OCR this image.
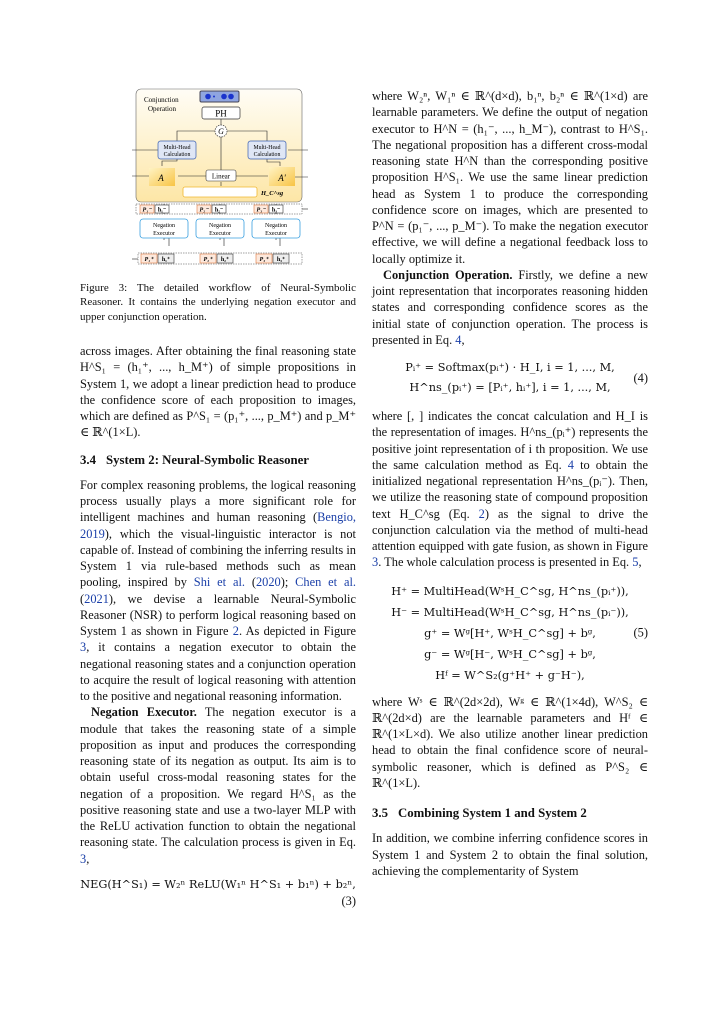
Conjunction
Operation	PH
G
Multi-Head
Calculation
Multi-Head
Calculation
A	A'
Linear
H_C^sg
P₁⁻ h₁⁻	P₂⁻ h₂⁻	P₃⁻ h₃⁻
Negation
Executor
Negation
Executor
Negation
Executor
P₁⁺ h₁⁺	P₂⁺ h₂⁺	P₃⁺ h₃⁺

Figure 3: The detailed workflow of Neural-Symbolic Reasoner. It contains the underlying negation executor and upper conjunction operation.

across images. After obtaining the final reasoning state H^S₁ = (h₁⁺, ..., h_M⁺) of simple propositions in System 1, we adopt a linear prediction head to produce the confidence score of each proposition to images, which are defined as P^S₁ = (p₁⁺, ..., p_M⁺) and p_M⁺ ∈ ℝ^(1×L).

3.4 System 2: Neural-Symbolic Reasoner

For complex reasoning problems, the logical reasoning process usually plays a more significant role for intelligent machines and human reasoning (Bengio, 2019), which the visual-linguistic interactor is not capable of. Instead of combining the inferring results in System 1 via rule-based methods such as mean pooling, inspired by Shi et al. (2020); Chen et al. (2021), we devise a learnable Neural-Symbolic Reasoner (NSR) to perform logical reasoning based on System 1 as shown in Figure 2. As depicted in Figure 3, it contains a negation executor to obtain the negational reasoning states and a conjunction operation to acquire the result of logical reasoning with attention to the positive and negational reasoning information.

Negation Executor. The negation executor is a module that takes the reasoning state of a simple proposition as input and produces the corresponding reasoning state of its negation as output. Its aim is to obtain useful cross-modal reasoning states for the negation of a proposition. We regard H^S₁ as the positive reasoning state and use a two-layer MLP with the ReLU activation function to obtain the negational reasoning state. The calculation process is given in Eq. 3,

NEG(H^S₁) = W₂ⁿ ReLU(W₁ⁿ H^S₁ + b₁ⁿ) + b₂ⁿ,
(3)

where W₂ⁿ, W₁ⁿ ∈ ℝ^(d×d), b₁ⁿ, b₂ⁿ ∈ ℝ^(1×d) are learnable parameters. We define the output of negation executor to H^N = (h₁⁻, ..., h_M⁻), contrast to H^S₁. The negational proposition has a different cross-modal reasoning state H^N than the corresponding positive proposition H^S₁. We use the same linear prediction head as System 1 to produce the corresponding confidence score on images, which are presented to P^N = (p₁⁻, ..., p_M⁻). To make the negation executor effective, we will define a negational feedback loss to locally optimize it.

Conjunction Operation. Firstly, we define a new joint representation that incorporates reasoning hidden states and corresponding confidence scores as the initial state of conjunction operation. The process is presented in Eq. 4,

Pᵢ⁺ = Softmax(pᵢ⁺) · H_I, i = 1, ..., M,
H^ns_(pᵢ⁺) = [Pᵢ⁺, hᵢ⁺], i = 1, ..., M,
(4)

where [, ] indicates the concat calculation and H_I is the representation of images. H^ns_(pᵢ⁺) represents the positive joint representation of i th proposition. We use the same calculation method as Eq. 4 to obtain the initialized negational representation H^ns_(pᵢ⁻). Then, we utilize the reasoning state of compound proposition text H_C^sg (Eq. 2) as the signal to drive the conjunction calculation via the method of multi-head attention equipped with gate fusion, as shown in Figure 3. The whole calculation process is presented in Eq. 5,

H⁺ = MultiHead(WˢH_C^sg, H^ns_(pᵢ⁺)),
H⁻ = MultiHead(WˢH_C^sg, H^ns_(pᵢ⁻)),
g⁺ = Wᵍ[H⁺, WˢH_C^sg] + bᵍ,
g⁻ = Wᵍ[H⁻, WˢH_C^sg] + bᵍ,
Hᶠ = W^S₂(g⁺H⁺ + g⁻H⁻),
(5)

where Wˢ ∈ ℝ^(2d×2d), Wᵍ ∈ ℝ^(1×4d), W^S₂ ∈ ℝ^(2d×d) are the learnable parameters and Hᶠ ∈ ℝ^(1×L×d). We also utilize another linear prediction head to obtain the final confidence score of neural-symbolic reasoner, which is defined as P^S₂ ∈ ℝ^(1×L).

3.5 Combining System 1 and System 2

In addition, we combine inferring confidence scores in System 1 and System 2 to obtain the final solution, achieving the complementarity of System
